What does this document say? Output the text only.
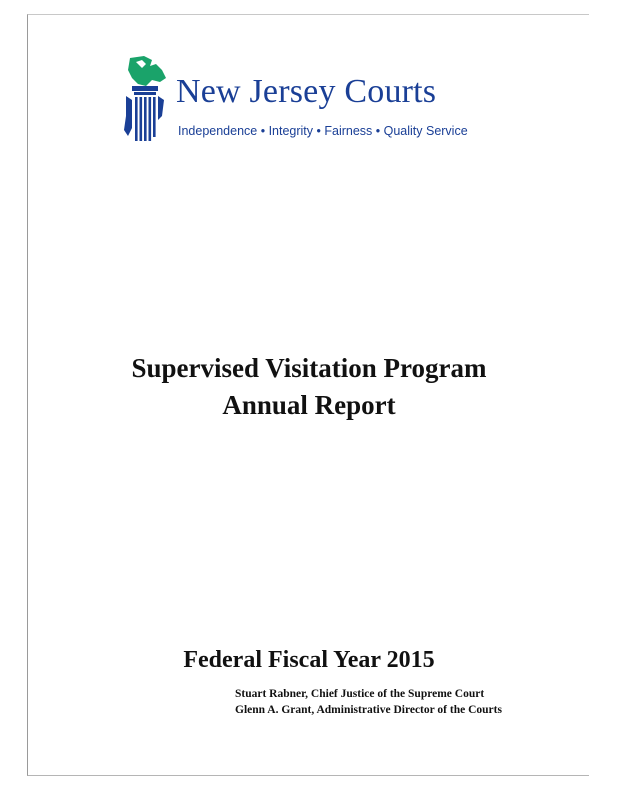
New Jersey Courts
Independence • Integrity • Fairness • Quality Service
Supervised Visitation Program
Annual Report
Federal Fiscal Year 2015
Stuart Rabner, Chief Justice of the Supreme Court
Glenn A. Grant, Administrative Director of the Courts
